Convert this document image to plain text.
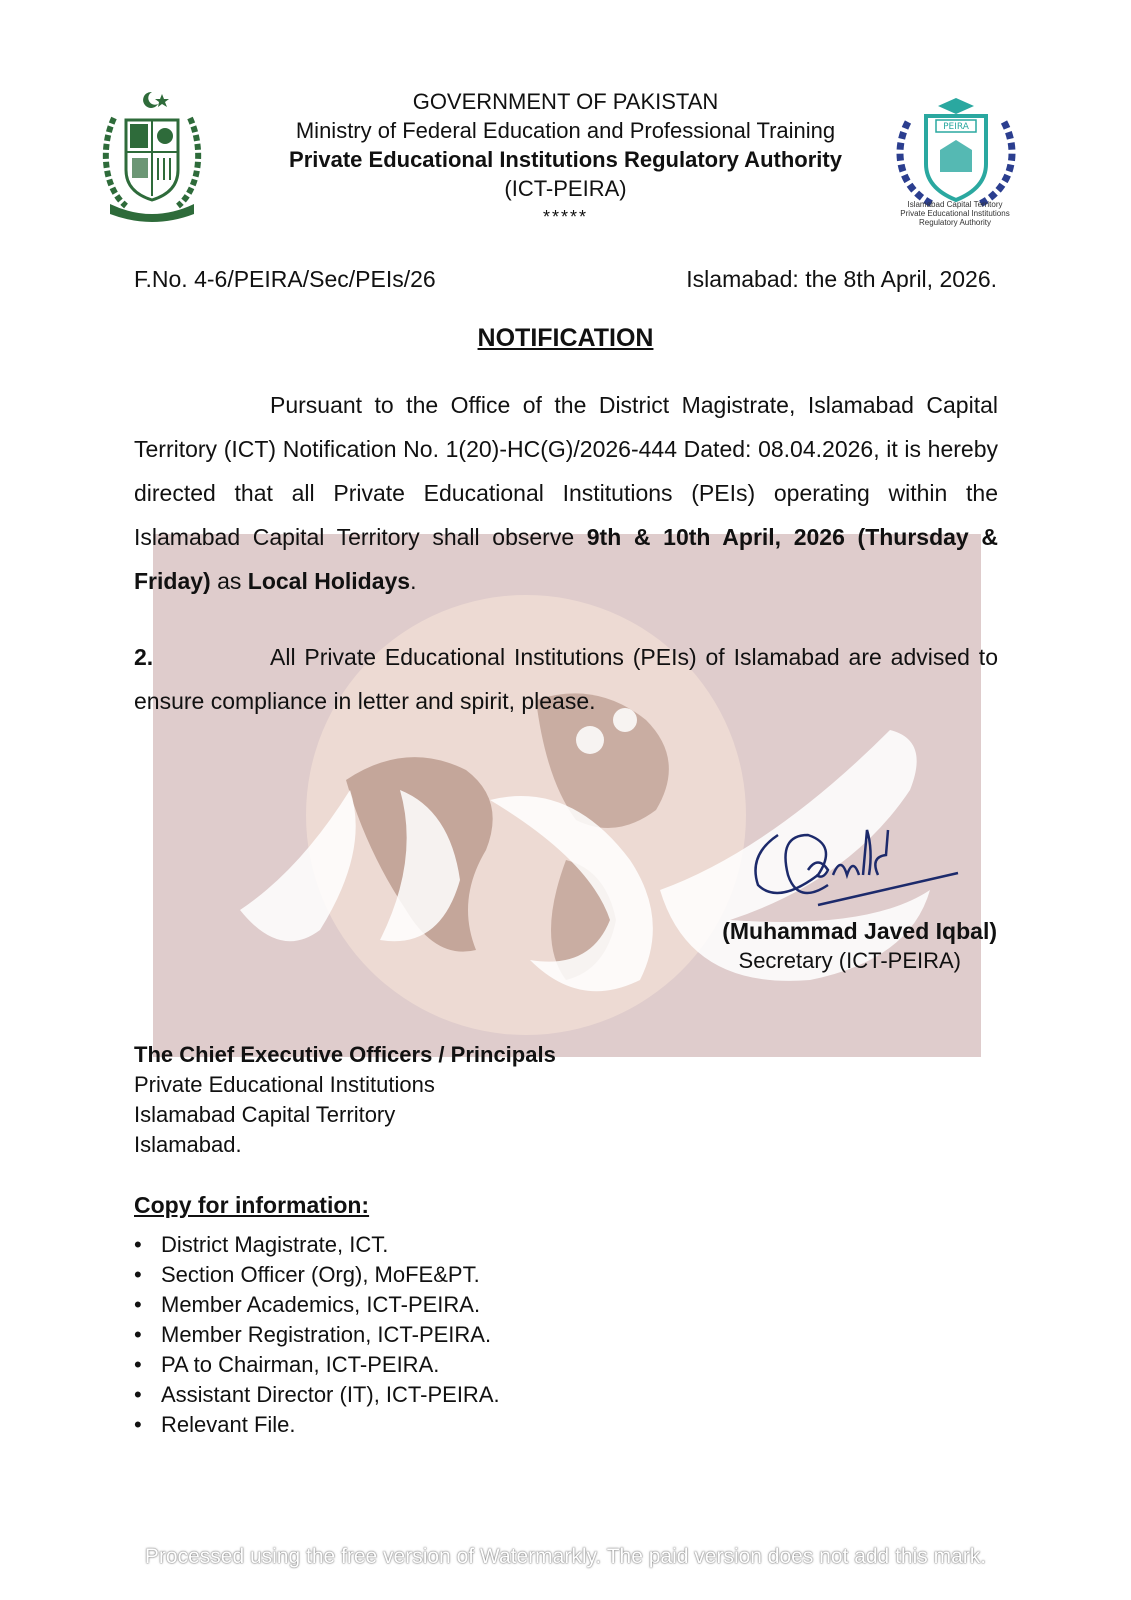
GOVERNMENT OF PAKISTAN
Ministry of Federal Education and Professional Training
Private Educational Institutions Regulatory Authority
(ICT-PEIRA)
*****
PEIRA
Islamabad Capital Territory
Private Educational Institutions
Regulatory Authority
F.No. 4-6/PEIRA/Sec/PEIs/26	Islamabad: the 8th April, 2026.
NOTIFICATION
Pursuant to the Office of the District Magistrate, Islamabad Capital Territory (ICT) Notification No. 1(20)-HC(G)/2026-444 Dated: 08.04.2026, it is hereby directed that all Private Educational Institutions (PEIs) operating within the Islamabad Capital Territory shall observe 9th & 10th April, 2026 (Thursday & Friday) as Local Holidays.
2.	All Private Educational Institutions (PEIs) of Islamabad are advised to ensure compliance in letter and spirit, please.
(Muhammad Javed Iqbal)
Secretary (ICT-PEIRA)
The Chief Executive Officers / Principals
Private Educational Institutions
Islamabad Capital Territory
Islamabad.
Copy for information:
• District Magistrate, ICT.
• Section Officer (Org), MoFE&PT.
• Member Academics, ICT-PEIRA.
• Member Registration, ICT-PEIRA.
• PA to Chairman, ICT-PEIRA.
• Assistant Director (IT), ICT-PEIRA.
• Relevant File.
Processed using the free version of Watermarkly. The paid version does not add this mark.
